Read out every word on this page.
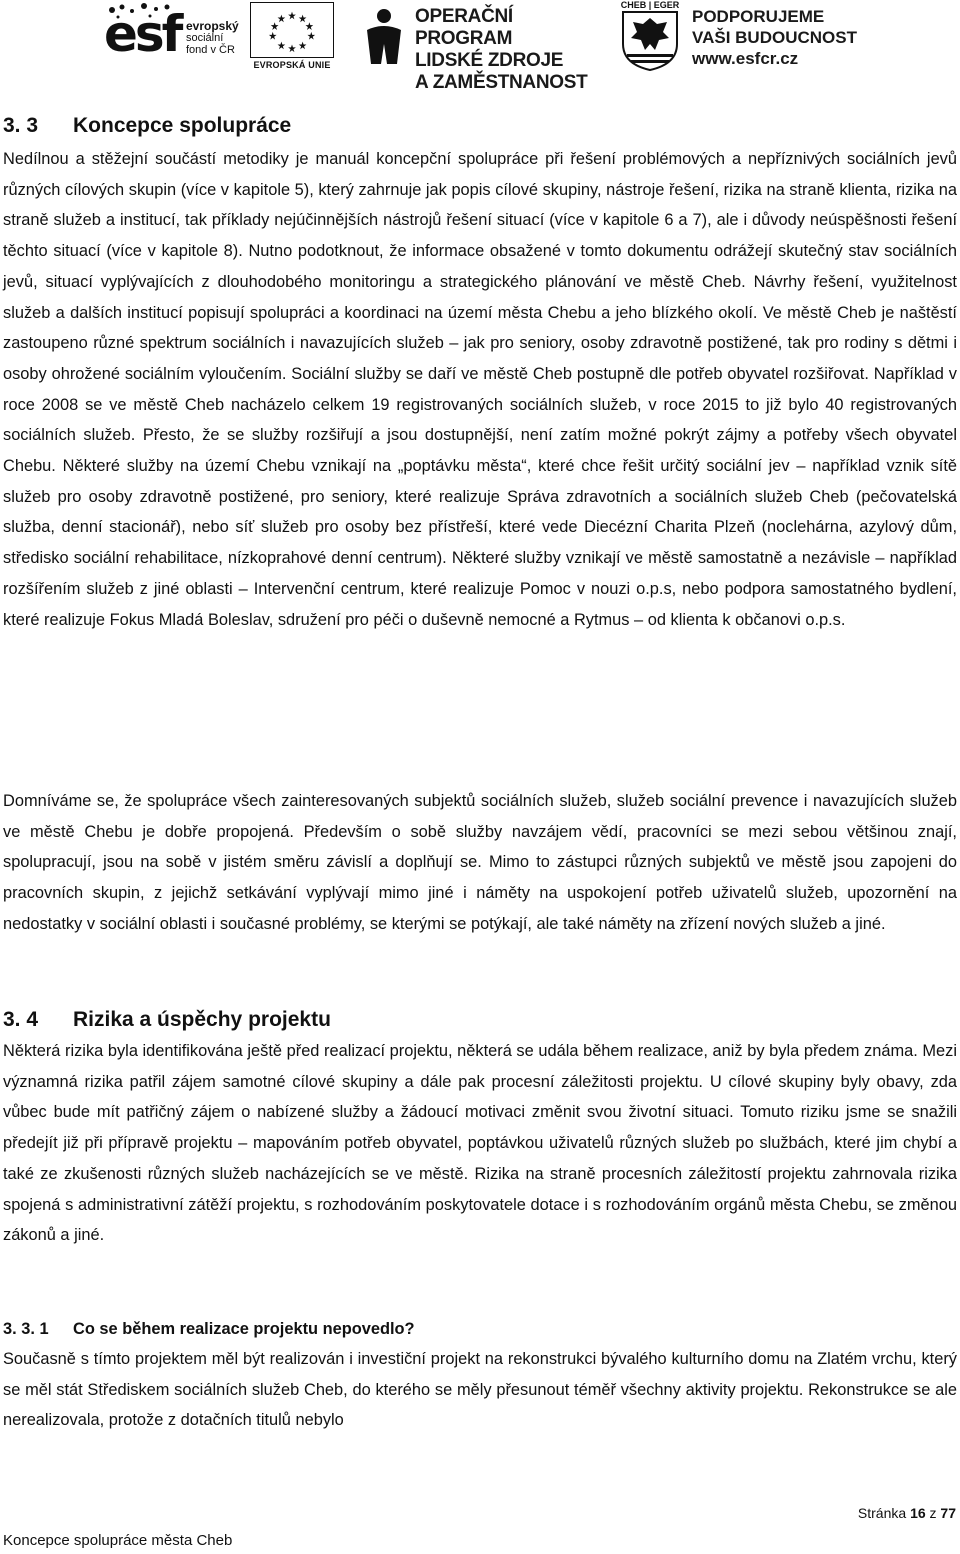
esf evropský
sociální
fond v ČR
EVROPSKÁ UNIE
OPERAČNÍ PROGRAM
LIDSKÉ ZDROJE
A ZAMĚSTNANOST
CHEB | EGER
PODPORUJEME
VAŠI BUDOUCNOST
www.esfcr.cz
3. 3 Koncepce spolupráce

Nedílnou a stěžejní součástí metodiky je manuál koncepční spolupráce při řešení problémových a nepříznivých sociálních jevů různých cílových skupin (více v kapitole 5), který zahrnuje jak popis cílové skupiny, nástroje řešení, rizika na straně klienta, rizika na straně služeb a institucí, tak příklady nejúčinnějších nástrojů řešení situací (více v kapitole 6 a 7), ale i důvody neúspěšnosti řešení těchto situací (více v kapitole 8). Nutno podotknout, že informace obsažené v tomto dokumentu odrážejí skutečný stav sociálních jevů, situací vyplývajících z dlouhodobého monitoringu a strategického plánování ve městě Cheb. Návrhy řešení, využitelnost služeb a dalších institucí popisují spolupráci a koordinaci na území města Chebu a jeho blízkého okolí. Ve městě Cheb je naštěstí zastoupeno různé spektrum sociálních i navazujících služeb – jak pro seniory, osoby zdravotně postižené, tak pro rodiny s dětmi i osoby ohrožené sociálním vyloučením. Sociální služby se daří ve městě Cheb postupně dle potřeb obyvatel rozšiřovat. Například v roce 2008 se ve městě Cheb nacházelo celkem 19 registrovaných sociálních služeb, v roce 2015 to již bylo 40 registrovaných sociálních služeb. Přesto, že se služby rozšiřují a jsou dostupnější, není zatím možné pokrýt zájmy a potřeby všech obyvatel Chebu. Některé služby na území Chebu vznikají na „poptávku města“, které chce řešit určitý sociální jev – například vznik sítě služeb pro osoby zdravotně postižené, pro seniory, které realizuje Správa zdravotních a sociálních služeb Cheb (pečovatelská služba, denní stacionář), nebo síť služeb pro osoby bez přístřeší, které vede Diecézní Charita Plzeň (noclehárna, azylový dům, středisko sociální rehabilitace, nízkoprahové denní centrum). Některé služby vznikají ve městě samostatně a nezávisle – například rozšířením služeb z jiné oblasti – Intervenční centrum, které realizuje Pomoc v nouzi o.p.s, nebo podpora samostatného bydlení, které realizuje Fokus Mladá Boleslav, sdružení pro péči o duševně nemocné a Rytmus – od klienta k občanovi o.p.s.

Domníváme se, že spolupráce všech zainteresovaných subjektů sociálních služeb, služeb sociální prevence i navazujících služeb ve městě Chebu je dobře propojená. Především o sobě služby navzájem vědí, pracovníci se mezi sebou většinou znají, spolupracují, jsou na sobě v jistém směru závislí a doplňují se. Mimo to zástupci různých subjektů ve městě jsou zapojeni do pracovních skupin, z jejichž setkávání vyplývají mimo jiné i náměty na uspokojení potřeb uživatelů služeb, upozornění na nedostatky v sociální oblasti i současné problémy, se kterými se potýkají, ale také náměty na zřízení nových služeb a jiné.

3. 4 Rizika a úspěchy projektu

Některá rizika byla identifikována ještě před realizací projektu, některá se udála během realizace, aniž by byla předem známa. Mezi významná rizika patřil zájem samotné cílové skupiny a dále pak procesní záležitosti projektu. U cílové skupiny byly obavy, zda vůbec bude mít patřičný zájem o nabízené služby a žádoucí motivaci změnit svou životní situaci. Tomuto riziku jsme se snažili předejít již při přípravě projektu – mapováním potřeb obyvatel, poptávkou uživatelů různých služeb po službách, které jim chybí a také ze zkušenosti různých služeb nacházejících se ve městě. Rizika na straně procesních záležitostí projektu zahrnovala rizika spojená s administrativní zátěží projektu, s rozhodováním poskytovatele dotace i s rozhodováním orgánů města Chebu, se změnou zákonů a jiné.

3. 3. 1 Co se během realizace projektu nepovedlo?

Současně s tímto projektem měl být realizován i investiční projekt na rekonstrukci bývalého kulturního domu na Zlatém vrchu, který se měl stát Střediskem sociálních služeb Cheb, do kterého se měly přesunout téměř všechny aktivity projektu. Rekonstrukce se ale nerealizovala, protože z dotačních titulů nebylo

Stránka 16 z 77
Koncepce spolupráce města Cheb
